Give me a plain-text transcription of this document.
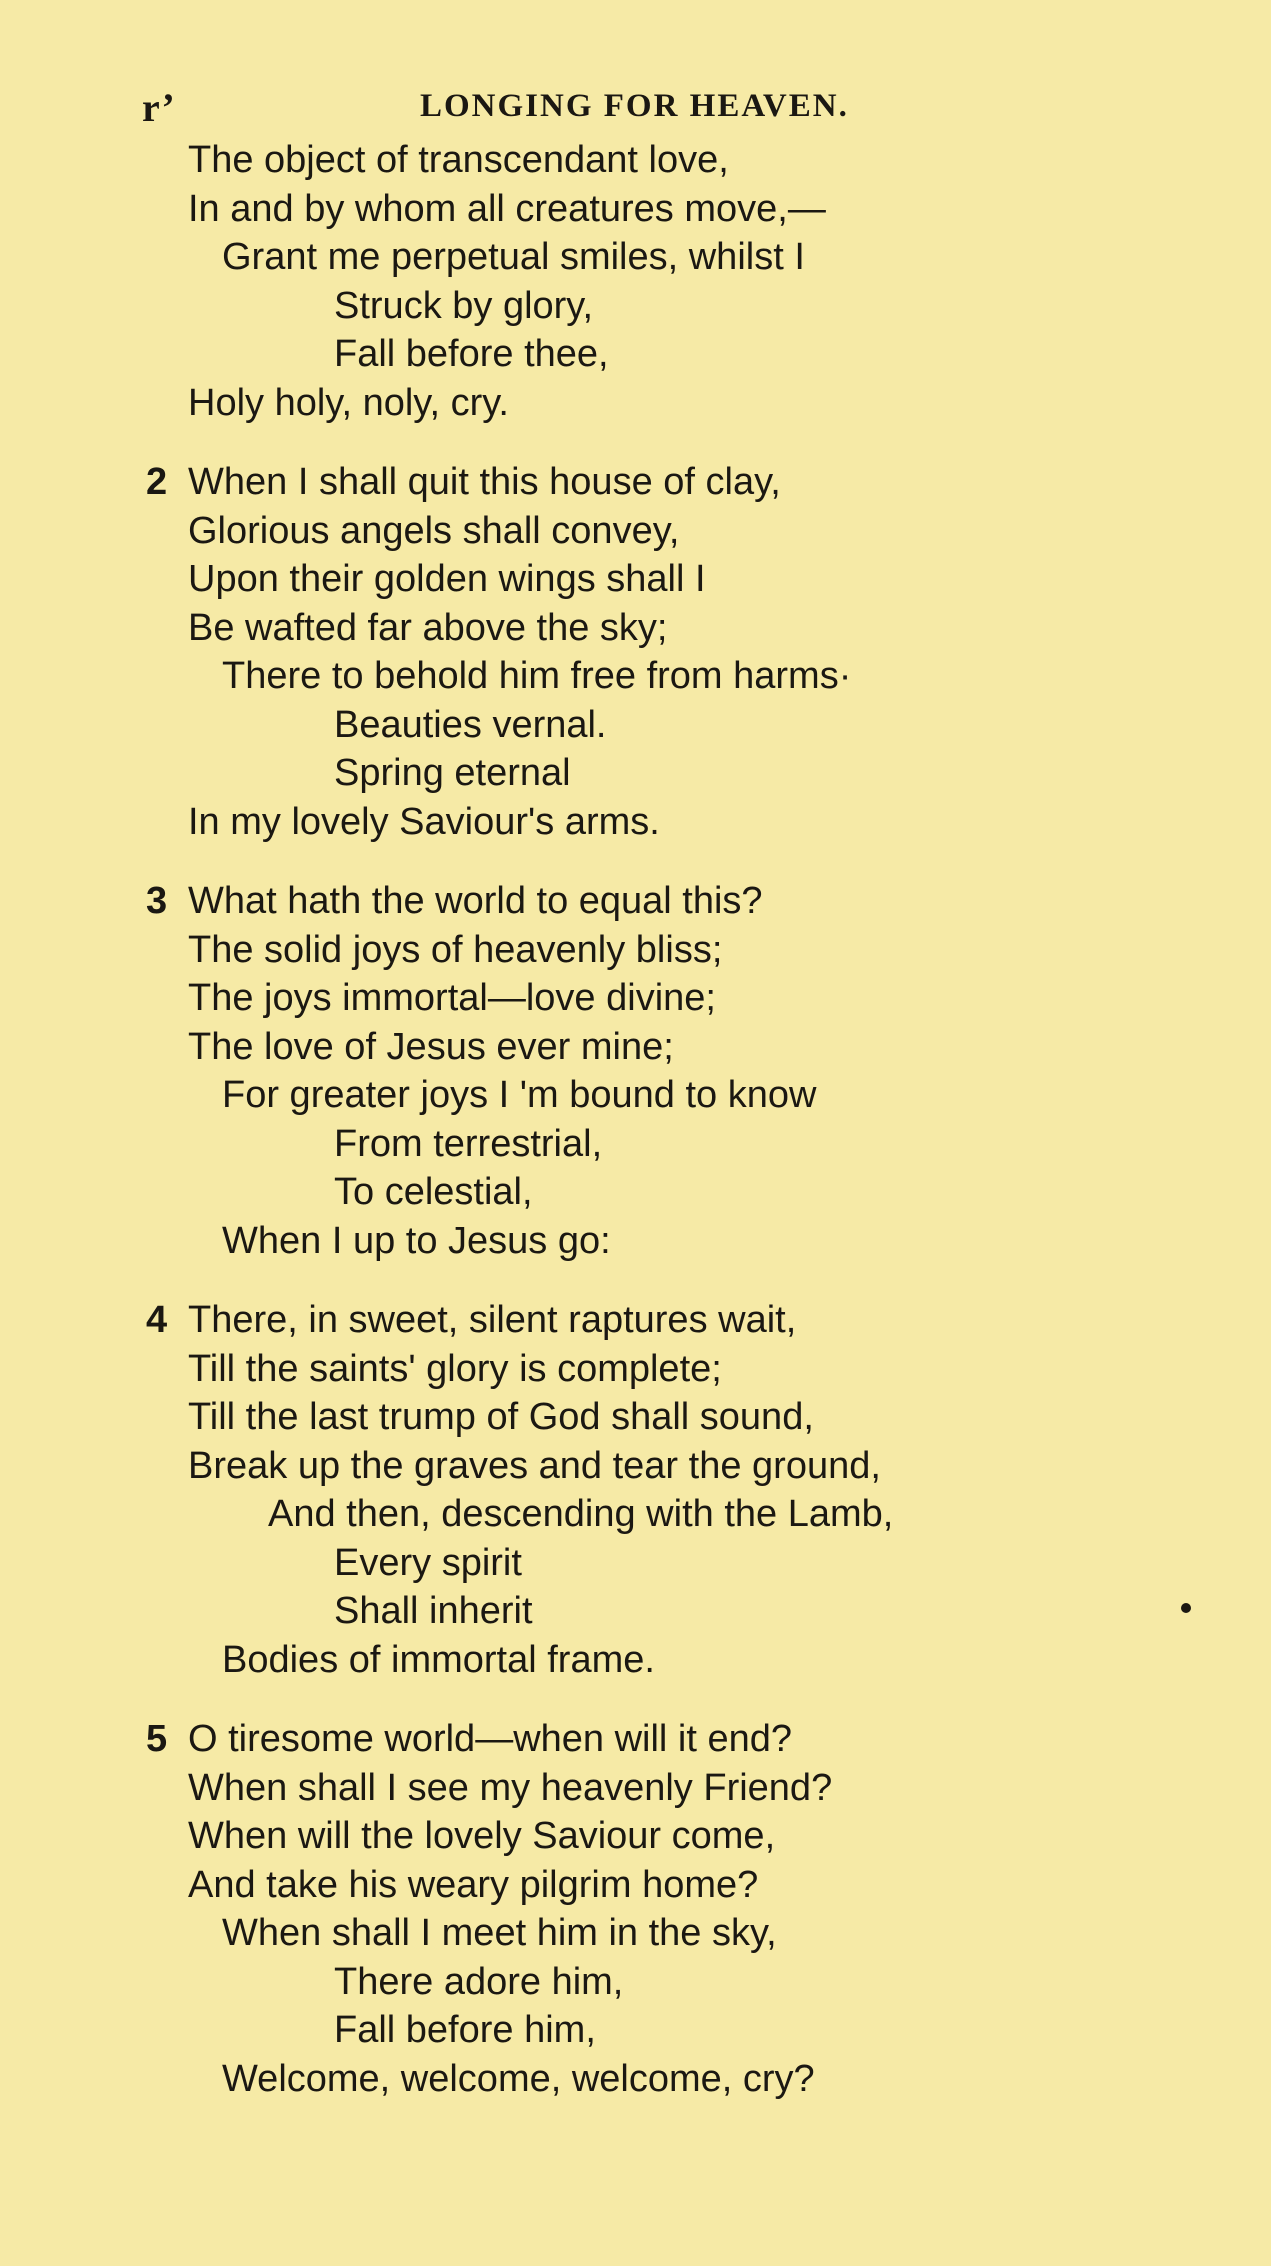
r’	LONGING FOR HEAVEN.
The object of transcendant love,
In and by whom all creatures move,—
Grant me perpetual smiles, whilst I
Struck by glory,
Fall before thee,
Holy holy, noly, cry.
2 When I shall quit this house of clay,
Glorious angels shall convey,
Upon their golden wings shall I
Be wafted far above the sky;
There to behold him free from harms·
Beauties vernal.
Spring eternal
In my lovely Saviour's arms.
3 What hath the world to equal this?
The solid joys of heavenly bliss;
The joys immortal—love divine;
The love of Jesus ever mine;
For greater joys I 'm bound to know
From terrestrial,
To celestial,
When I up to Jesus go:
4 There, in sweet, silent raptures wait,
Till the saints' glory is complete;
Till the last trump of God shall sound,
Break up the graves and tear the ground,
And then, descending with the Lamb,
Every spirit
Shall inherit
Bodies of immortal frame.
5 O tiresome world—when will it end?
When shall I see my heavenly Friend?
When will the lovely Saviour come,
And take his weary pilgrim home?
When shall I meet him in the sky,
There adore him,
Fall before him,
Welcome, welcome, welcome, cry?
